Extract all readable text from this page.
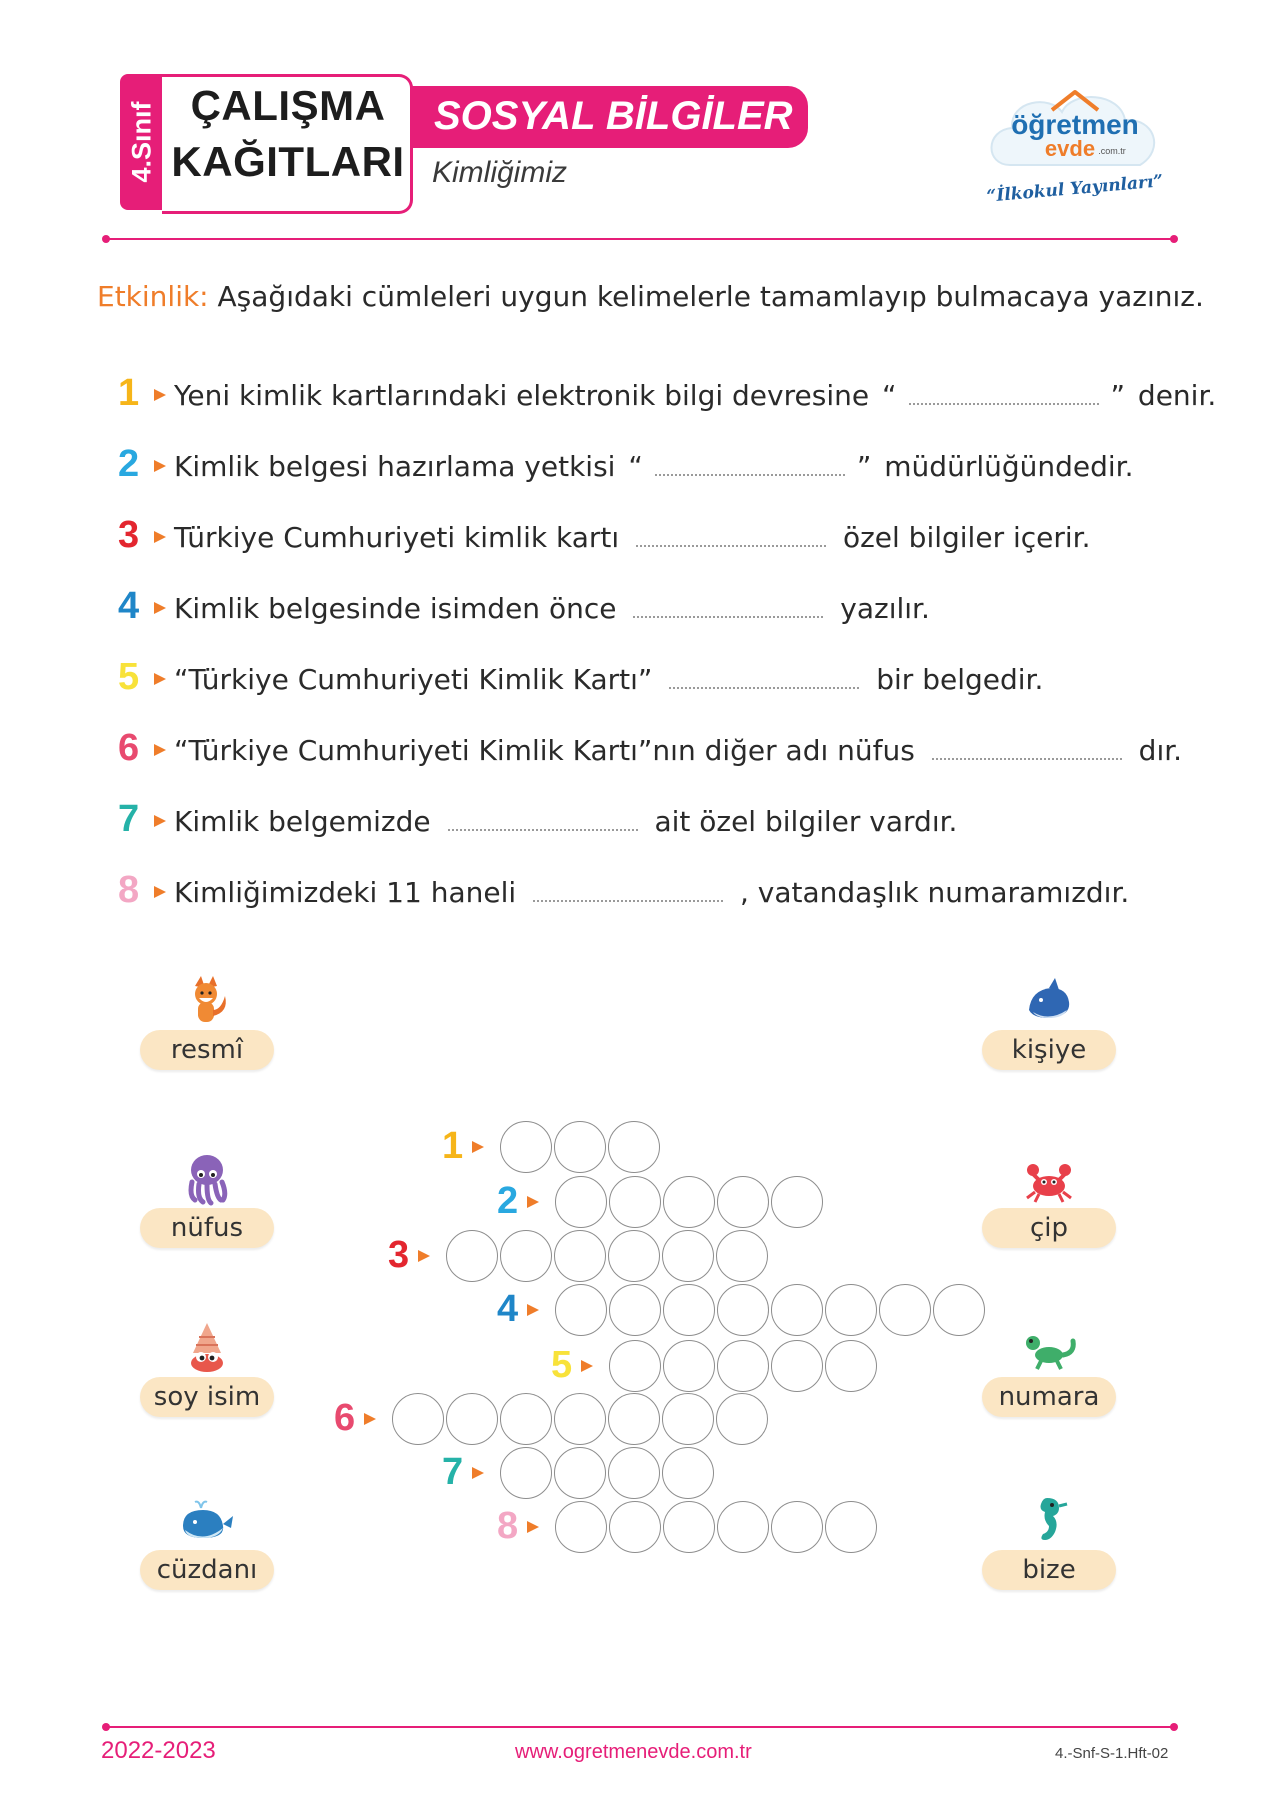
4.Sınıf ÇALIŞMA
KAĞITLARI
SOSYAL BİLGİLER
Kimliğimiz
öğretmen
evde .com.tr
“İlkokul Yayınları”
Etkinlik: Aşağıdaki cümleleri uygun kelimelerle tamamlayıp bulmacaya yazınız.
1 Yeni kimlik kartlarındaki elektronik bilgi devresine “	” denir.
2 Kimlik belgesi hazırlama yetkisi “	” müdürlüğündedir.
3 Türkiye Cumhuriyeti kimlik kartı	özel bilgiler içerir.
4 Kimlik belgesinde isimden önce	yazılır.
5 “Türkiye Cumhuriyeti Kimlik Kartı”	bir belgedir.
6 “Türkiye Cumhuriyeti Kimlik Kartı”nın diğer adı nüfus	dır.
7 Kimlik belgemizde	ait özel bilgiler vardır.
8 Kimliğimizdeki 11 haneli	, vatandaşlık numaramızdır.
resmî
nüfus
soy isim
cüzdanı
kişiye
çip
numara
bize
1
2
3
4
5
6
7
8
2022-2023	www.ogretmenevde.com.tr	4.-Snf-S-1.Hft-02
